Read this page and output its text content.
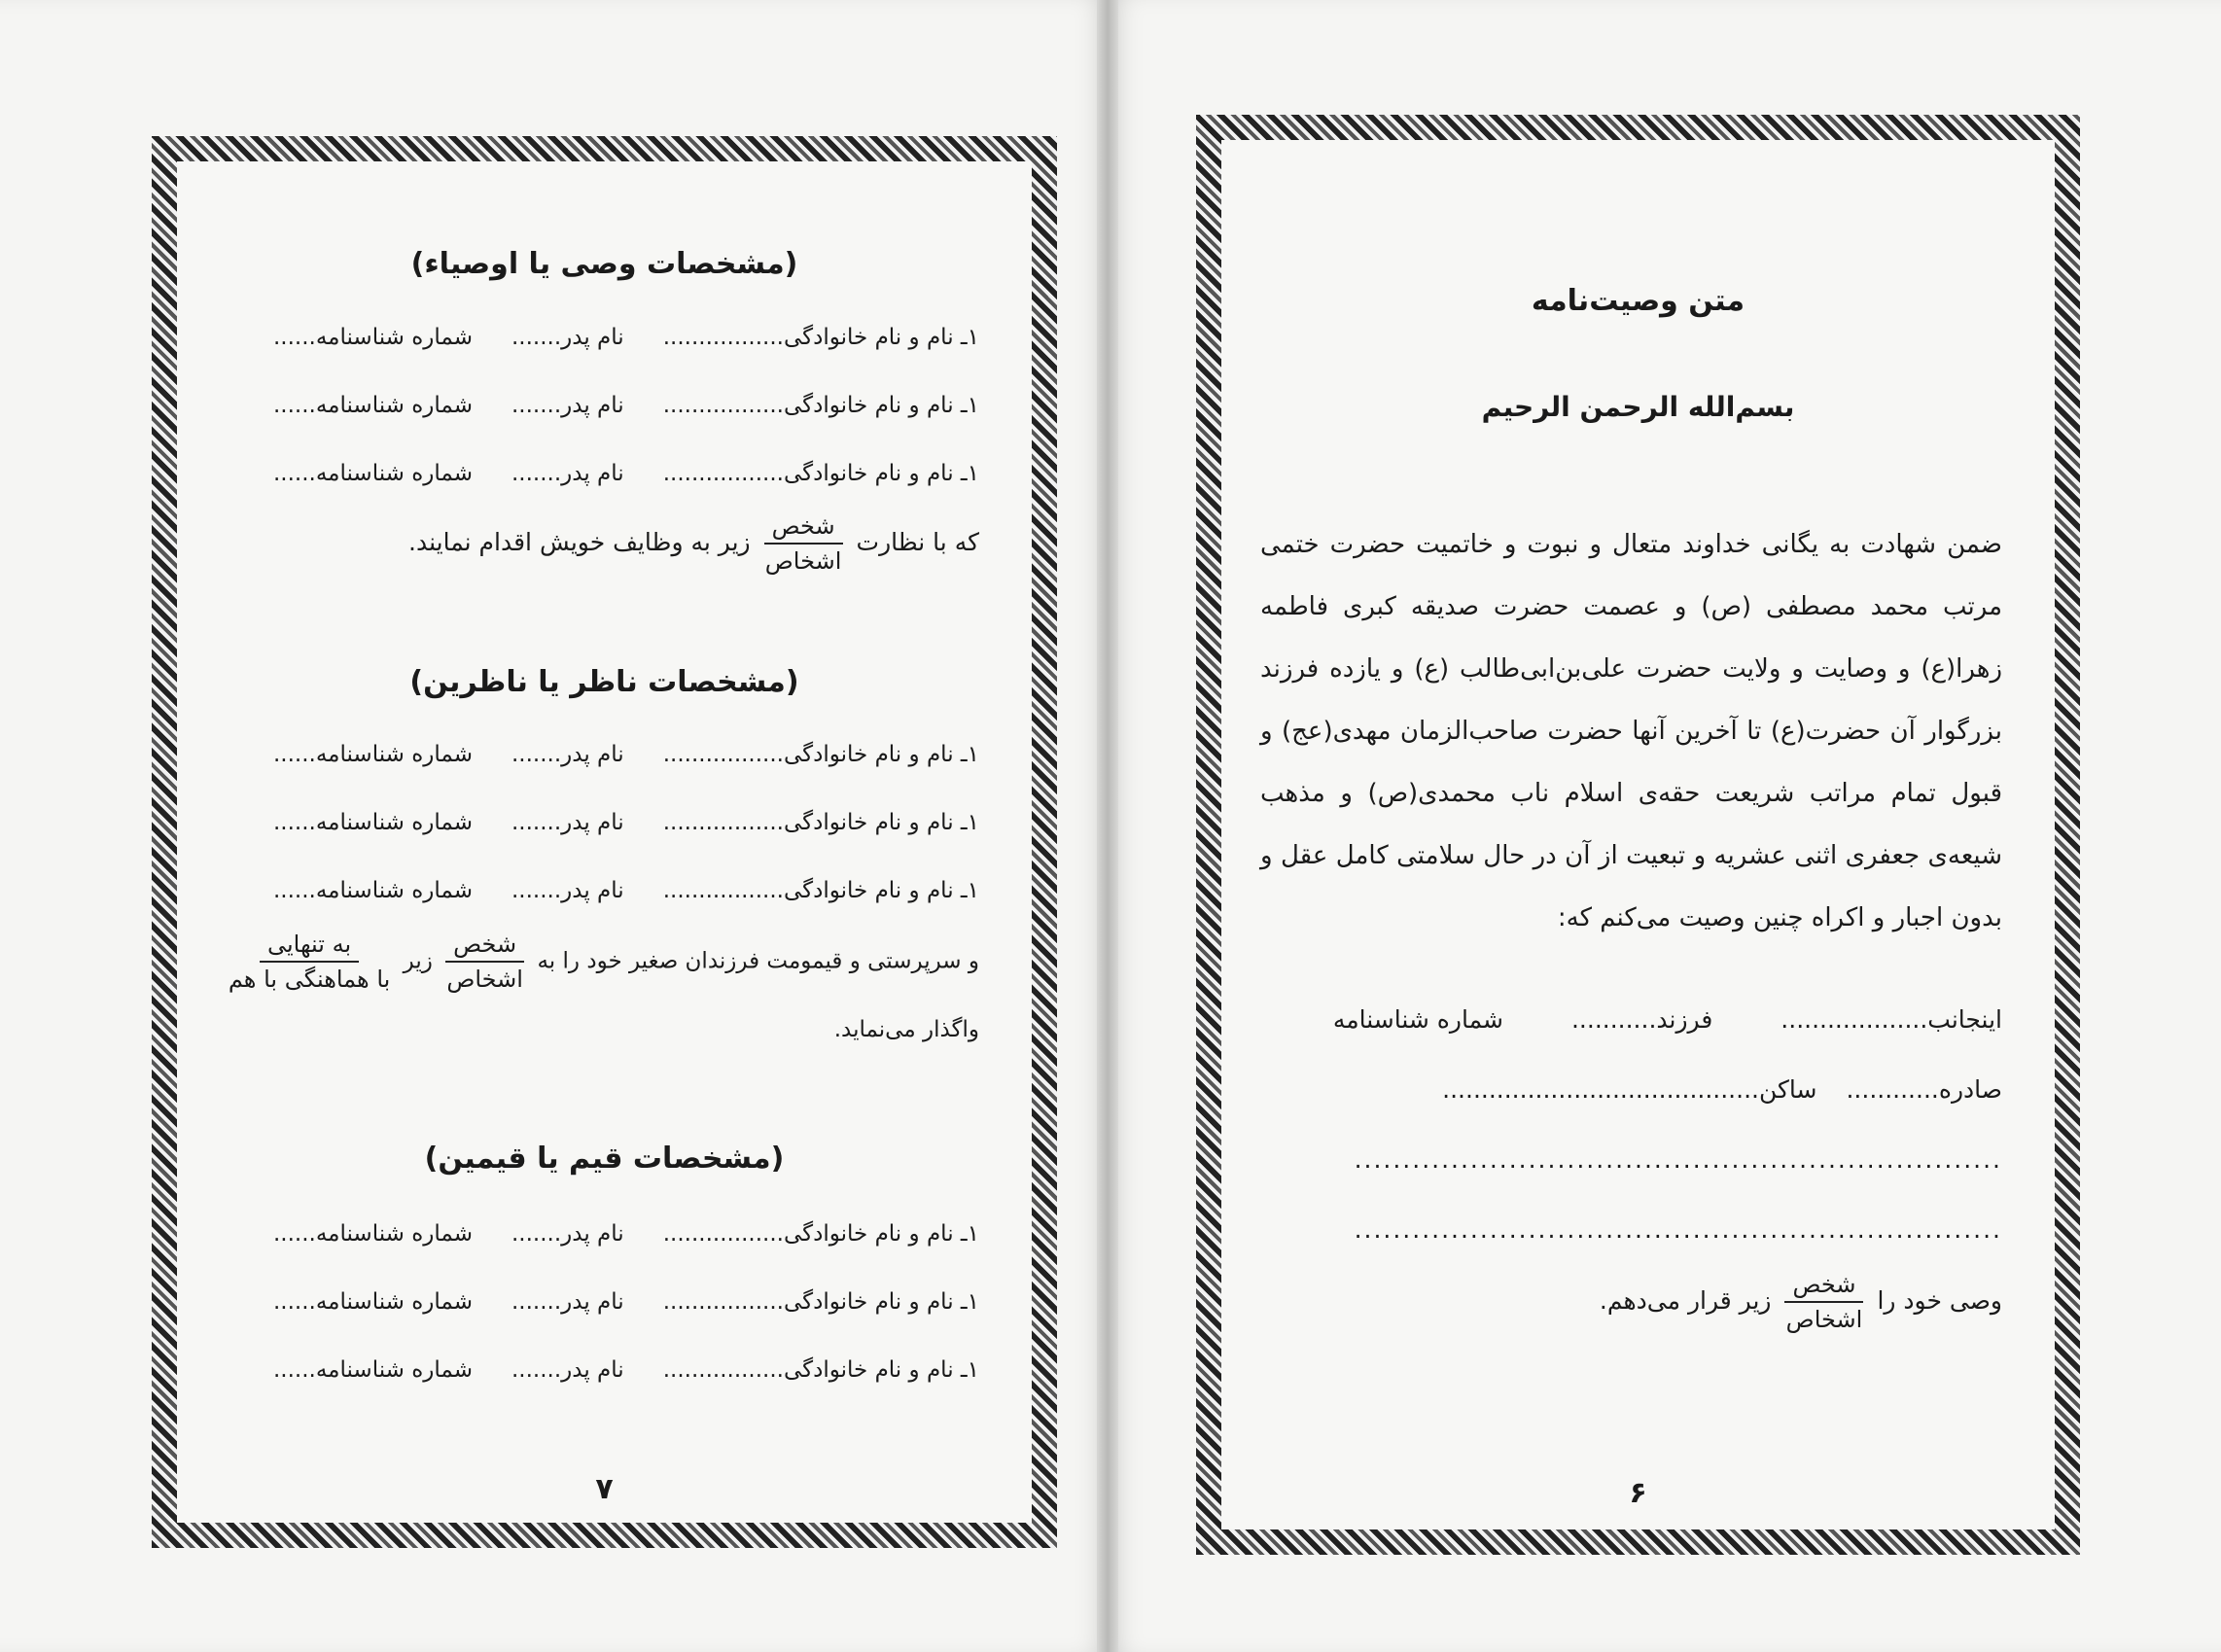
(مشخصات وصی یا اوصیاء)
۱ـ نام و نام خانوادگی.................
نام پدر.......
شماره شناسنامه......
۱ـ نام و نام خانوادگی.................
نام پدر.......
شماره شناسنامه......
۱ـ نام و نام خانوادگی.................
نام پدر.......
شماره شناسنامه......
که با نظارت
$\frac{\text{شخص}}{\text{اشخاص}}$
زیر به وظایف خویش اقدام نمایند.
(مشخصات ناظر یا ناظرین)
۱ـ نام و نام خانوادگی.................
نام پدر.......
شماره شناسنامه......
۱ـ نام و نام خانوادگی.................
نام پدر.......
شماره شناسنامه......
۱ـ نام و نام خانوادگی.................
نام پدر.......
شماره شناسنامه......
و سرپرستی و قیمومت فرزندان صغیر خود را به
$\frac{\text{شخص}}{\text{اشخاص}}$
زیر
$\frac{\text{به تنهایی}}{\text{با هماهنگی با هم}}$
واگذار می‌نماید.
(مشخصات قیم یا قیمین)
۱ـ نام و نام خانوادگی.................
نام پدر.......
شماره شناسنامه......
۱ـ نام و نام خانوادگی.................
نام پدر.......
شماره شناسنامه......
۱ـ نام و نام خانوادگی.................
نام پدر.......
شماره شناسنامه......
۷
متن وصیت‌نامه
بسم‌الله الرحمن الرحیم
ضمن شهادت به یگانی خداوند متعال و نبوت و خاتمیت حضرت ختمی مرتب محمد مصطفی (ص) و عصمت حضرت صدیقه کبری فاطمه زهرا(ع) و وصایت و ولایت حضرت علی‌بن‌ابی‌طالب (ع) و یازده فرزند بزرگوار آن حضرت(ع) تا آخرین آنها حضرت صاحب‌الزمان مهدی(عج) و قبول تمام مراتب شریعت حقه‌ی اسلام ناب محمدی(ص) و مذهب شیعه‌ی جعفری اثنی عشریه و تبعیت از آن در حال سلامتی کامل عقل و بدون اجبار و اکراه چنین وصیت می‌کنم که:
اینجانب...................
فرزند...........
شماره شناسنامه
صادره............
ساکن.........................................
...................................................................
...................................................................
وصی خود را
$\frac{\text{شخص}}{\text{اشخاص}}$
زیر قرار می‌دهم.
۶
